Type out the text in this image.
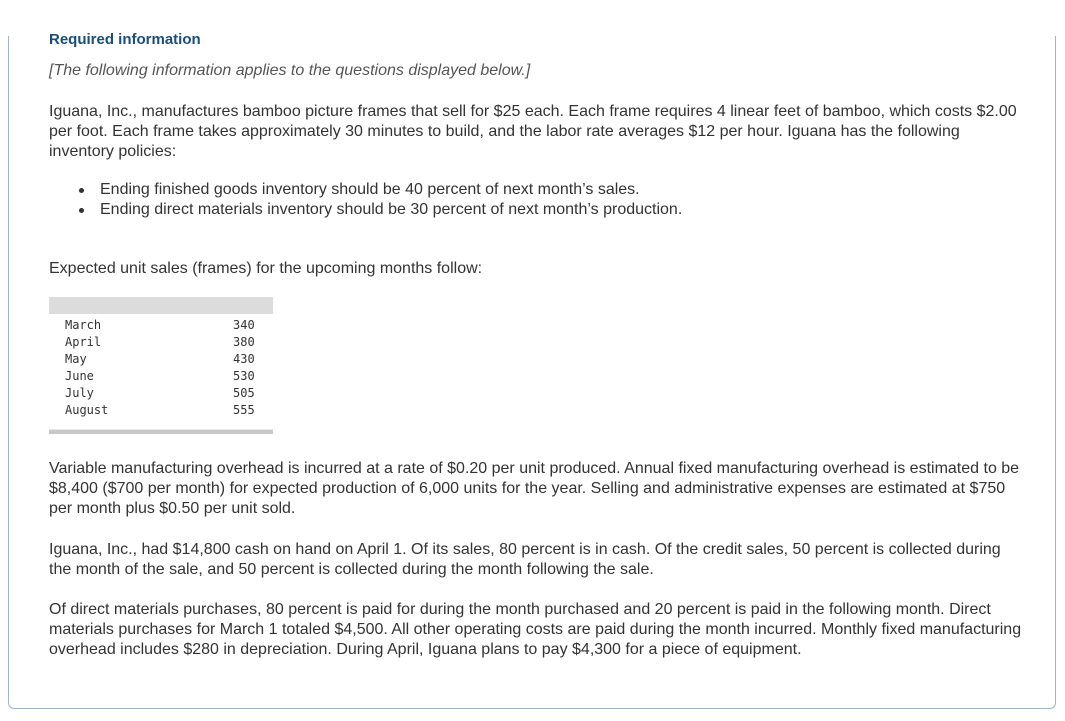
Required information
[The following information applies to the questions displayed below.]

Iguana, Inc., manufactures bamboo picture frames that sell for $25 each. Each frame requires 4 linear feet of bamboo, which costs $2.00 per foot. Each frame takes approximately 30 minutes to build, and the labor rate averages $12 per hour. Iguana has the following inventory policies:

Ending finished goods inventory should be 40 percent of next month’s sales.
Ending direct materials inventory should be 30 percent of next month’s production.

Expected unit sales (frames) for the upcoming months follow:

March	340
April	380
May	430
June	530
July	505
August	555

Variable manufacturing overhead is incurred at a rate of $0.20 per unit produced. Annual fixed manufacturing overhead is estimated to be $8,400 ($700 per month) for expected production of 6,000 units for the year. Selling and administrative expenses are estimated at $750 per month plus $0.50 per unit sold.

Iguana, Inc., had $14,800 cash on hand on April 1. Of its sales, 80 percent is in cash. Of the credit sales, 50 percent is collected during the month of the sale, and 50 percent is collected during the month following the sale.

Of direct materials purchases, 80 percent is paid for during the month purchased and 20 percent is paid in the following month. Direct materials purchases for March 1 totaled $4,500. All other operating costs are paid during the month incurred. Monthly fixed manufacturing overhead includes $280 in depreciation. During April, Iguana plans to pay $4,300 for a piece of equipment.
